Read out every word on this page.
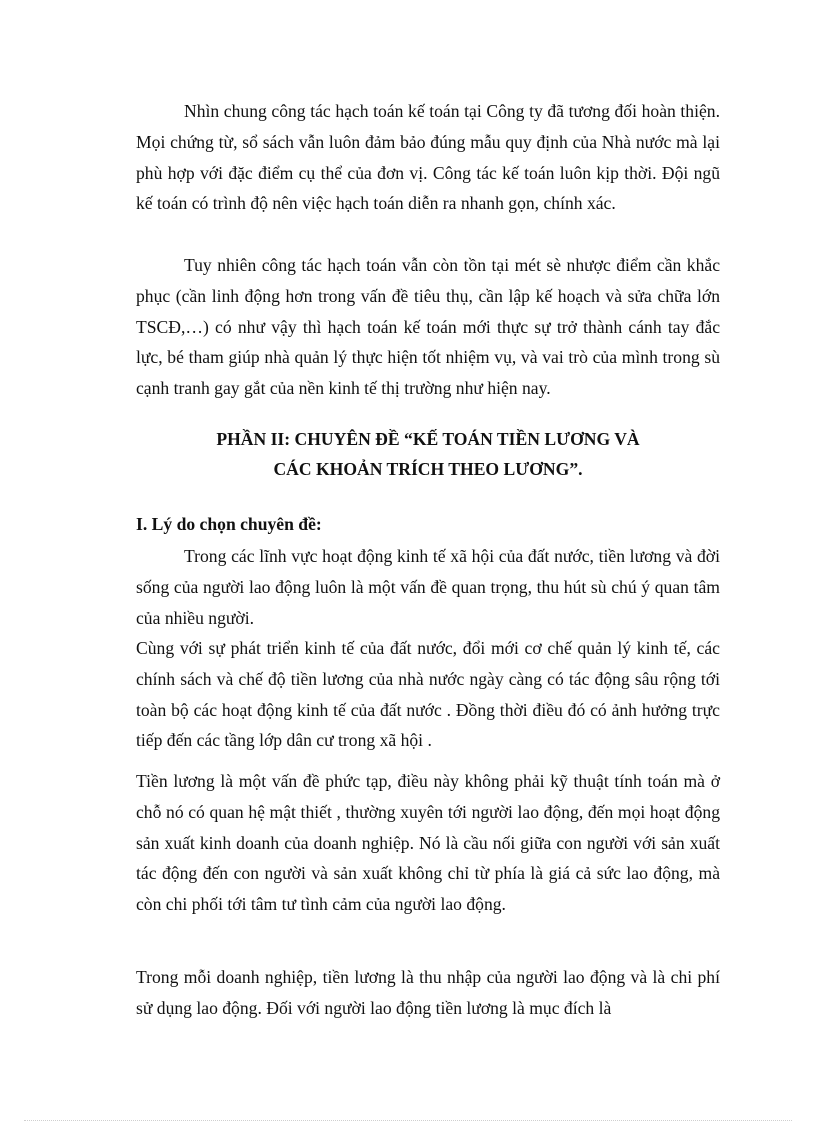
Nhìn chung công tác hạch toán kế toán tại Công ty đã tương đối hoàn thiện. Mọi chứng từ, sổ sách vẫn luôn đảm bảo đúng mẫu quy định của Nhà nước mà lại phù hợp với đặc điểm cụ thể của đơn vị. Công tác kế toán luôn kịp thời. Đội ngũ kế toán có trình độ nên việc hạch toán diễn ra nhanh gọn, chính xác.

Tuy nhiên công tác hạch toán vẫn còn tồn tại mét sè nhược điểm cần khắc phục (cần linh động hơn trong vấn đề tiêu thụ, cần lập kế hoạch và sửa chữa lớn TSCĐ,…) có như vậy thì hạch toán kế toán mới thực sự trở thành cánh tay đắc lực, bé tham giúp nhà quản lý thực hiện tốt nhiệm vụ, và vai trò của mình trong sù cạnh tranh gay gắt của nền kinh tế thị trường như hiện nay.

PHẦN II: CHUYÊN ĐỀ “KẾ TOÁN TIỀN LƯƠNG VÀ
CÁC KHOẢN TRÍCH THEO LƯƠNG”.
I. Lý do chọn chuyên đề:

Trong các lĩnh vực hoạt động kinh tế xã hội của đất nước, tiền lương và đời sống của người lao động luôn là một vấn đề quan trọng, thu hút sù chú ý quan tâm của nhiều người.

Cùng với sự phát triển kinh tế của đất nước, đổi mới cơ chế quản lý kinh tế, các chính sách và chế độ tiền lương của nhà nước ngày càng có tác động sâu rộng tới toàn bộ các hoạt động kinh tế của đất nước . Đồng thời điều đó có ảnh hưởng trực tiếp đến các tầng lớp dân cư trong xã hội .

Tiền lương là một vấn đề phức tạp, điều này không phải kỹ thuật tính toán mà ở chỗ nó có quan hệ mật thiết , thường xuyên tới người lao động, đến mọi hoạt động sản xuất kinh doanh của doanh nghiệp. Nó là cầu nối giữa con người với sản xuất tác động đến con người và sản xuất không chỉ từ phía là giá cả sức lao động, mà còn chi phối tới tâm tư tình cảm của người lao động.

Trong mỗi doanh nghiệp, tiền lương là thu nhập của người lao động và là chi phí sử dụng lao động. Đối với người lao động tiền lương là mục đích là
